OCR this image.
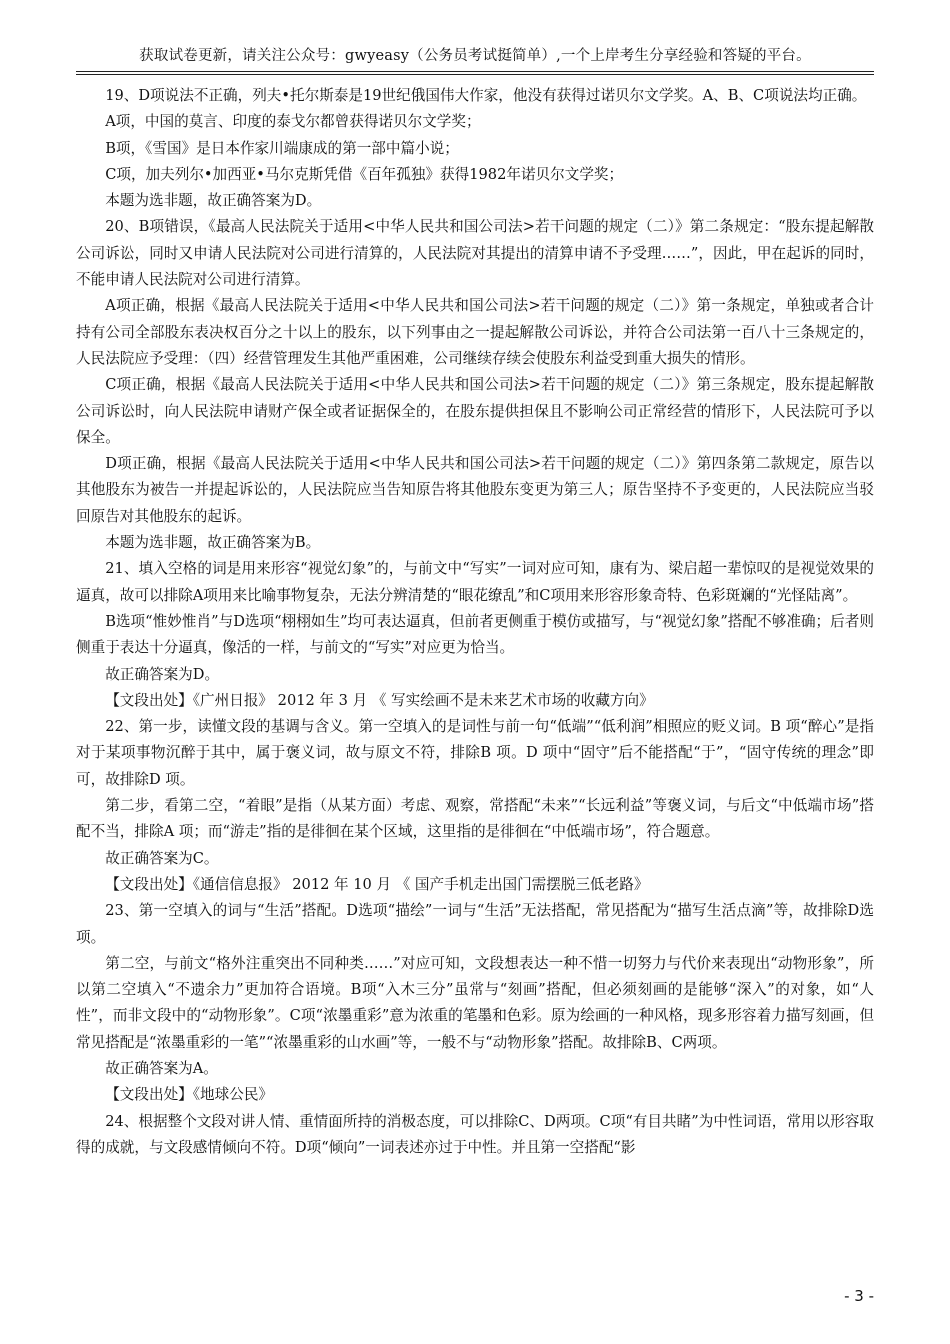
获取试卷更新，请关注公众号：gwyeasy（公务员考试挺简单）,一个上岸考生分享经验和答疑的平台。

19、D项说法不正确，列夫•托尔斯泰是19世纪俄国伟大作家，他没有获得过诺贝尔文学奖。A、B、C项说法均正确。

A项，中国的莫言、印度的泰戈尔都曾获得诺贝尔文学奖；

B项，《雪国》是日本作家川端康成的第一部中篇小说；

C项，加夫列尔•加西亚•马尔克斯凭借《百年孤独》获得1982年诺贝尔文学奖；

本题为选非题，故正确答案为D。

20、B项错误，《最高人民法院关于适用<中华人民共和国公司法>若干问题的规定（二）》第二条规定：“股东提起解散公司诉讼，同时又申请人民法院对公司进行清算的，人民法院对其提出的清算申请不予受理……”，因此，甲在起诉的同时，不能申请人民法院对公司进行清算。

A项正确，根据《最高人民法院关于适用<中华人民共和国公司法>若干问题的规定（二）》第一条规定，单独或者合计持有公司全部股东表决权百分之十以上的股东，以下列事由之一提起解散公司诉讼，并符合公司法第一百八十三条规定的，人民法院应予受理：（四）经营管理发生其他严重困难，公司继续存续会使股东利益受到重大损失的情形。

C项正确，根据《最高人民法院关于适用<中华人民共和国公司法>若干问题的规定（二）》第三条规定，股东提起解散公司诉讼时，向人民法院申请财产保全或者证据保全的，在股东提供担保且不影响公司正常经营的情形下，人民法院可予以保全。

D项正确，根据《最高人民法院关于适用<中华人民共和国公司法>若干问题的规定（二）》第四条第二款规定，原告以其他股东为被告一并提起诉讼的，人民法院应当告知原告将其他股东变更为第三人；原告坚持不予变更的，人民法院应当驳回原告对其他股东的起诉。

本题为选非题，故正确答案为B。

21、填入空格的词是用来形容“视觉幻象”的，与前文中“写实”一词对应可知，康有为、梁启超一辈惊叹的是视觉效果的逼真，故可以排除A项用来比喻事物复杂，无法分辨清楚的“眼花缭乱”和C项用来形容形象奇特、色彩斑斓的“光怪陆离”。

B选项“惟妙惟肖”与D选项“栩栩如生”均可表达逼真，但前者更侧重于模仿或描写，与“视觉幻象”搭配不够准确；后者则侧重于表达十分逼真，像活的一样，与前文的“写实”对应更为恰当。

故正确答案为D。

【文段出处】《广州日报》 2012 年 3 月 《 写实绘画不是未来艺术市场的收藏方向》

22、第一步，读懂文段的基调与含义。第一空填入的是词性与前一句“低端”“低利润”相照应的贬义词。B 项“醉心”是指对于某项事物沉醉于其中，属于褒义词，故与原文不符，排除B 项。D 项中“固守”后不能搭配“于”，“固守传统的理念”即可，故排除D 项。

第二步，看第二空，“着眼”是指（从某方面）考虑、观察，常搭配“未来”“长远利益”等褒义词，与后文“中低端市场”搭配不当，排除A 项；而“游走”指的是徘徊在某个区域，这里指的是徘徊在“中低端市场”，符合题意。

故正确答案为C。

【文段出处】《通信信息报》 2012 年 10 月 《 国产手机走出国门需摆脱三低老路》

23、第一空填入的词与“生活”搭配。D选项“描绘”一词与“生活”无法搭配，常见搭配为“描写生活点滴”等，故排除D选项。

第二空，与前文“格外注重突出不同种类……”对应可知，文段想表达一种不惜一切努力与代价来表现出“动物形象”，所以第二空填入“不遗余力”更加符合语境。B项“入木三分”虽常与“刻画”搭配，但必须刻画的是能够“深入”的对象，如“人性”，而非文段中的“动物形象”。C项“浓墨重彩”意为浓重的笔墨和色彩。原为绘画的一种风格，现多形容着力描写刻画，但常见搭配是“浓墨重彩的一笔”“浓墨重彩的山水画”等，一般不与“动物形象”搭配。故排除B、C两项。

故正确答案为A。

【文段出处】《地球公民》

24、根据整个文段对讲人情、重情面所持的消极态度，可以排除C、D两项。C项“有目共睹”为中性词语，常用以形容取得的成就，与文段感情倾向不符。D项“倾向”一词表述亦过于中性。并且第一空搭配“影

- 3 -
